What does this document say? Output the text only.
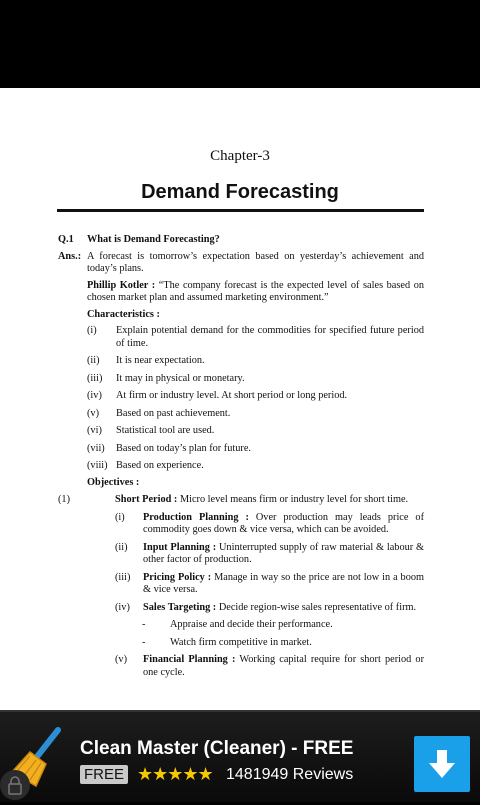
Chapter-3
Demand Forecasting
Q.1	What is Demand Forecasting?
Ans.: A forecast is tomorrow’s expectation based on yesterday’s achievement and today’s plans.
Phillip Kotler : “The company forecast is the expected level of sales based on chosen market plan and assumed marketing environment.”
Characteristics :
(i)	Explain potential demand for the commodities for specified future period of time.
(ii)	It is near expectation.
(iii)	It may in physical or monetary.
(iv)	At firm or industry level. At short period or long period.
(v)	Based on past achievement.
(vi)	Statistical tool are used.
(vii)	Based on today’s plan for future.
(viii) Based on experience.
Objectives :
(1)	Short Period : Micro level means firm or industry level for short time.
(i)	Production Planning : Over production may leads price of commodity goes down & vice versa, which can be avoided.
(ii)	Input Planning : Uninterrupted supply of raw material & labour & other factor of production.
(iii)	Pricing Policy : Manage in way so the price are not low in a boom & vice versa.
(iv)	Sales Targeting : Decide region-wise sales representative of firm.
-	Appraise and decide their performance.
-	Watch firm competitive in market.
(v)	Financial Planning : Working capital require for short period or one cycle.
Clean Master (Cleaner) - FREE
FREE ★★★★★ 1481949 Reviews
